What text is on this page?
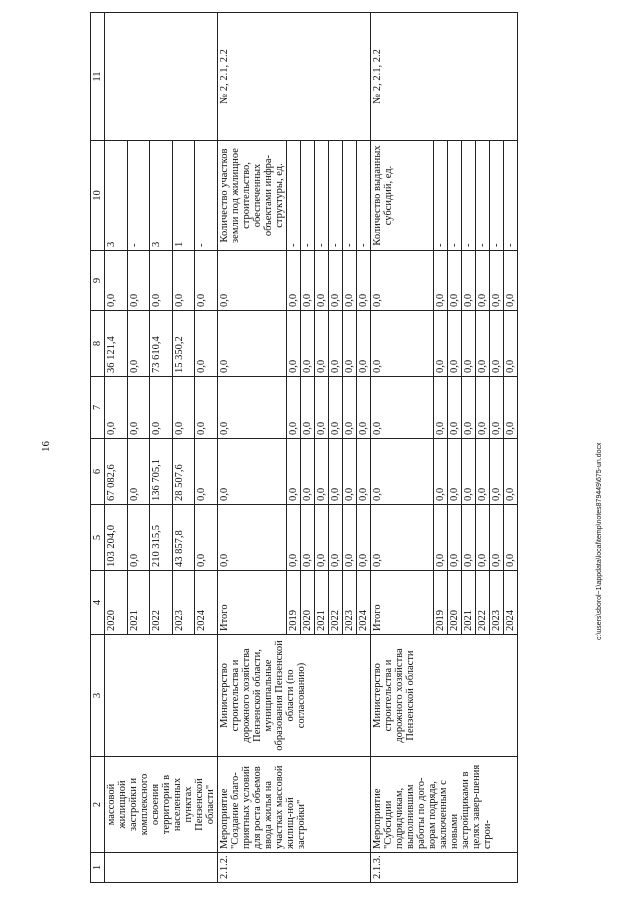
16
1	2	3	4	5	6	7	8	9	10	11
	массовой жилищной застройки и комплексного освоения территорий в населенных пунктах Пензенской области"		2020	103 204,0	67 082,6	0,0	36 121,4	0,0	3	
			2021	0,0	0,0	0,0	0,0	0,0	-	
			2022	210 315,5	136 705,1	0,0	73 610,4	0,0	3	
			2023	43 857,8	28 507,6	0,0	15 350,2	0,0	1	
			2024	0,0	0,0	0,0	0,0	0,0	-	
2.1.2.	Мероприятие "Создание благо-приятных условий для роста объемов ввода жилья на участках массовой жилищ-ной застройки"	Министерство строительства и дорожного хозяйства Пензенской области, муниципальные образования Пензенской области (по согласованию)	Итого	0,0	0,0	0,0	0,0	0,0	Количество участков земли под жилищное строительство, обеспеченных объектами инфра-структуры, ед.	№ 2, 2.1, 2.2
			2019	0,0	0,0	0,0	0,0	0,0	-	
			2020	0,0	0,0	0,0	0,0	0,0	-	
			2021	0,0	0,0	0,0	0,0	0,0	-	
			2022	0,0	0,0	0,0	0,0	0,0	-	
			2023	0,0	0,0	0,0	0,0	0,0	-	
			2024	0,0	0,0	0,0	0,0	0,0	-	
2.1.3.	Мероприятие "Субсидии подрядчикам, выполнившим работы по дого-ворам подряда, заключенным с новыми застройщиками в целях завер-шения строи-	Министерство строительства и дорожного хозяйства Пензенской области	Итого	0,0	0,0	0,0	0,0	0,0	Количество выданных субсидий, ед.	№ 2, 2.1, 2.2
			2019	0,0	0,0	0,0	0,0	0,0	-	
			2020	0,0	0,0	0,0	0,0	0,0	-	
			2021	0,0	0,0	0,0	0,0	0,0	-	
			2022	0,0	0,0	0,0	0,0	0,0	-	
			2023	0,0	0,0	0,0	0,0	0,0	-	
			2024	0,0	0,0	0,0	0,0	0,0	-	
c:\users\sborol~1\appdata\local\temp\notes879449\675-un.docx
